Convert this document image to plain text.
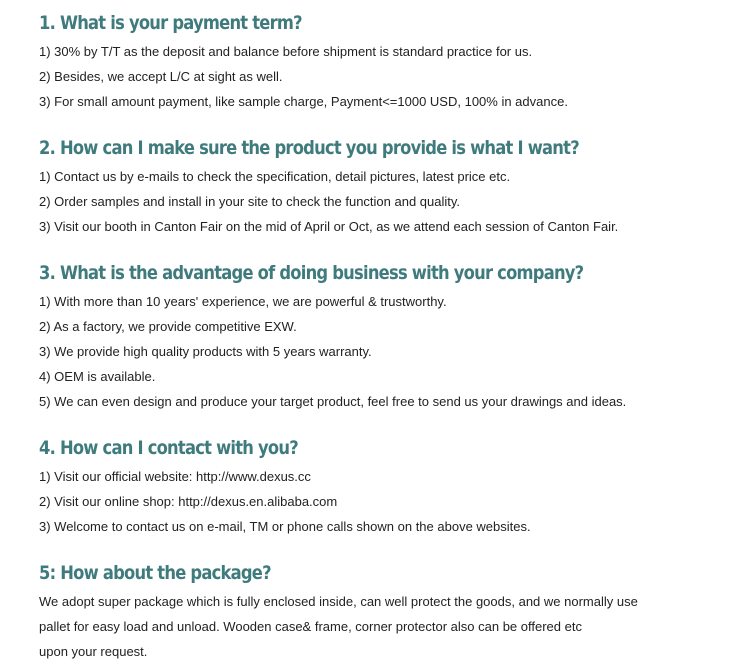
1. What is your payment term?
1) 30% by T/T as the deposit and balance before shipment is standard practice for us.
2) Besides, we accept L/C at sight as well.
3) For small amount payment, like sample charge, Payment<=1000 USD, 100% in advance.
2. How can I make sure the product you provide is what I want?
1) Contact us by e-mails to check the specification, detail pictures, latest price etc.
2) Order samples and install in your site to check the function and quality.
3) Visit our booth in Canton Fair on the mid of April or Oct, as we attend each session of Canton Fair.
3. What is the advantage of doing business with your company?
1) With more than 10 years' experience, we are powerful & trustworthy.
2) As a factory, we provide competitive EXW.
3) We provide high quality products with 5 years warranty.
4) OEM is available.
5) We can even design and produce your target product, feel free to send us your drawings and ideas.
4. How can I contact with you?
1) Visit our official website: http://www.dexus.cc
2) Visit our online shop: http://dexus.en.alibaba.com
3) Welcome to contact us on e-mail, TM or phone calls shown on the above websites.
5: How about the package?
We adopt super package which is fully enclosed inside, can well protect the goods, and we normally use
pallet for easy load and unload. Wooden case& frame, corner protector also can be offered etc
upon your request.
